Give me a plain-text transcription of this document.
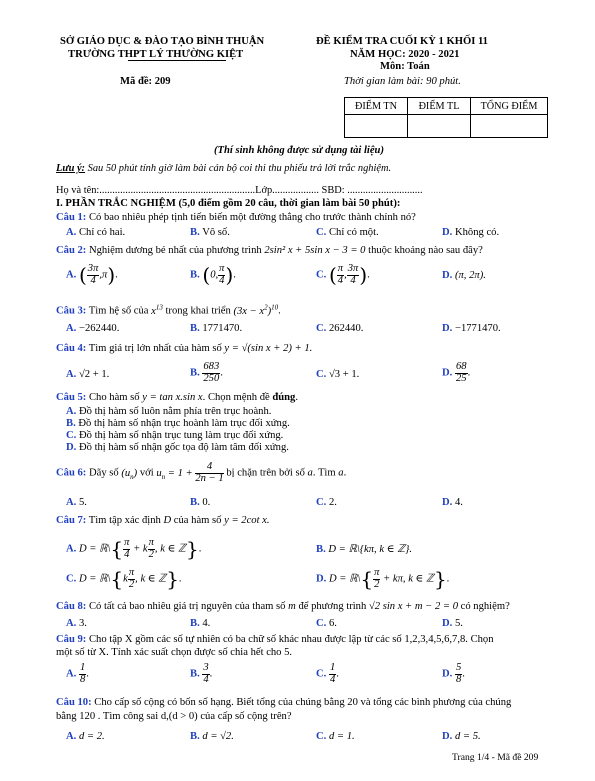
SỞ GIÁO DỤC & ĐÀO TẠO BÌNH THUẬN
TRƯỜNG THPT LÝ THƯỜNG KIỆT
Mã đề: 209
ĐỀ KIỂM TRA CUỐI KỲ 1 KHỐI 11
NĂM HỌC: 2020 - 2021
Môn: Toán
Thời gian làm bài: 90 phút.
ĐIỂM TN	ĐIỂM TL	TỔNG ĐIỂM

(Thí sinh không được sử dụng tài liệu)
Lưu ý: Sau 50 phút tính giờ làm bài cán bộ coi thi thu phiếu trả lời trắc nghiệm.
Họ và tên:............................................................Lớp.................. SBD: .............................
I. PHẦN TRẮC NGHIỆM (5,0 điểm gồm 20 câu, thời gian làm bài 50 phút):
Câu 1: Có bao nhiêu phép tịnh tiến biến một đường thẳng cho trước thành chính nó?
A. Chỉ có hai.	B. Vô số.	C. Chỉ có một.	D. Không có.
Câu 2: Nghiệm dương bé nhất của phương trình 2sin² x + 5sin x − 3 = 0 thuộc khoảng nào sau đây?
A. ( $\frac{3\pi}{4} ,\pi$).	B. (0, $\frac{\pi}{4}$ ).	C. ( $\frac{\pi}{4}$ , $\frac{3\pi}{4}$ ).	D. (π, 2π).
Câu 3: Tìm hệ số của $x^{13}$ trong khai triển $(3x - x^2)^{10}$.
A. −262440.	B. 1771470.	C. 262440.	D. −1771470.
Câu 4: Tìm giá trị lớn nhất của hàm số y = √(sin x + 2) + 1.
A. √2 + 1.	B. $\frac{683}{250}$ .	C. √3 + 1.	D. $\frac{68}{25}$ .
Câu 5: Cho hàm số y = tan x.sin x. Chọn mệnh đề đúng.
A. Đồ thị hàm số luôn nằm phía trên trục hoành.
B. Đồ thị hàm số nhận trục hoành làm trục đối xứng.
C. Đồ thị hàm số nhận trục tung làm trục đối xứng.
D. Đồ thị hàm số nhận gốc tọa độ làm tâm đối xứng.
Câu 6: Dãy số $(u_n)$ với $u_n = 1 + \frac{4}{2n - 1}$ bị chặn trên bởi số a. Tìm a.
A. 5.	B. 0.	C. 2.	D. 4.
Câu 7: Tìm tập xác định D của hàm số y = 2cot x.
A. D = ℝ\{ $\frac{\pi}{4} + k \frac{\pi}{2}$ , k ∈ ℤ}.	B. D = ℝ\{kπ, k ∈ ℤ}.
C. D = ℝ\{k $\frac{\pi}{2}$ , k ∈ ℤ}.	D. D = ℝ\{ $\frac{\pi}{2} + k\pi$, k ∈ ℤ}.
Câu 8: Có tất cả bao nhiêu giá trị nguyên của tham số m để phương trình √2 sin x + m − 2 = 0 có nghiệm?
A. 3.	B. 4.	C. 6.	D. 5.
Câu 9: Cho tập X gồm các số tự nhiên có ba chữ số khác nhau được lập từ các số 1,2,3,4,5,6,7,8. Chọn
một số từ X. Tính xác suất chọn được số chia hết cho 5.
A. $\frac{1}{8}$ .	B. $\frac{3}{4}$ .	C. $\frac{1}{4}$ .	D. $\frac{5}{8}$ .
Câu 10: Cho cấp số cộng có bốn số hạng. Biết tổng của chúng bằng 20 và tổng các bình phương của chúng
bằng 120 . Tìm công sai d,(d > 0) của cấp số cộng trên?
A. d = 2.	B. d = √2.	C. d = 1.	D. d = 5.
Trang 1/4 - Mã đề 209
